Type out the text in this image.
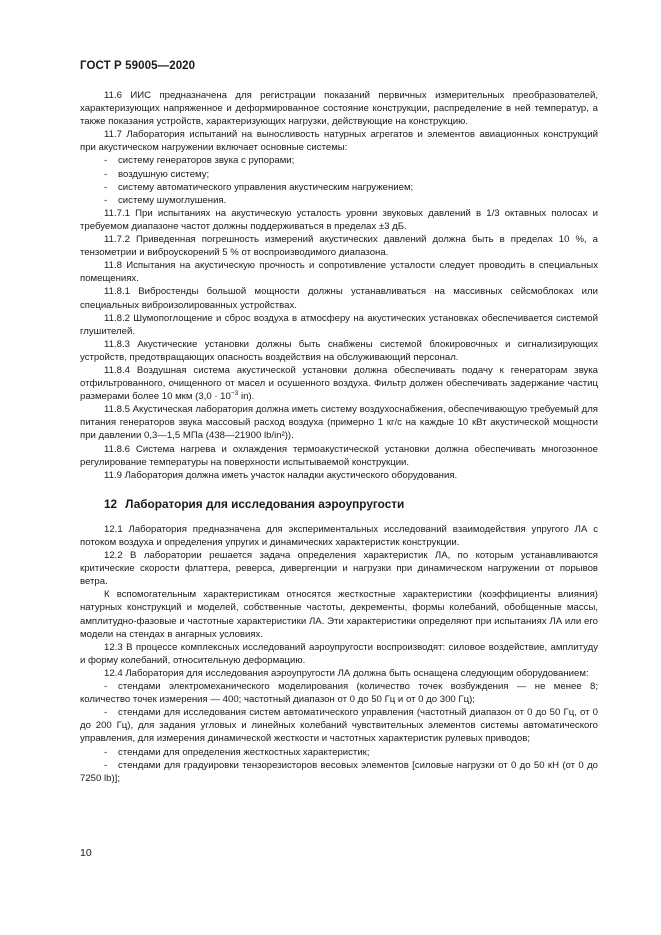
ГОСТ Р 59005—2020

11.6 ИИС предназначена для регистрации показаний первичных измерительных преобразователей, характеризующих напряженное и деформированное состояние конструкции, распределение в ней температур, а также показания устройств, характеризующих нагрузки, действующие на конструкцию.

11.7 Лаборатория испытаний на выносливость натурных агрегатов и элементов авиационных конструкций при акустическом нагружении включает основные системы:

- систему генераторов звука с рупорами;

- воздушную систему;

- систему автоматического управления акустическим нагружением;

- систему шумоглушения.

11.7.1 При испытаниях на акустическую усталость уровни звуковых давлений в 1/3 октавных полосах и требуемом диапазоне частот должны поддерживаться в пределах ±3 дБ.

11.7.2 Приведенная погрешность измерений акустических давлений должна быть в пределах 10 %, а тензометрии и виброускорений 5 % от воспроизводимого диапазона.

11.8 Испытания на акустическую прочность и сопротивление усталости следует проводить в специальных помещениях.

11.8.1 Вибростенды большой мощности должны устанавливаться на массивных сейсмоблоках или специальных виброизолированных устройствах.

11.8.2 Шумопоглощение и сброс воздуха в атмосферу на акустических установках обеспечивается системой глушителей.

11.8.3 Акустические установки должны быть снабжены системой блокировочных и сигнализирующих устройств, предотвращающих опасность воздействия на обслуживающий персонал.

11.8.4 Воздушная система акустической установки должна обеспечивать подачу к генераторам звука отфильтрованного, очищенного от масел и осушенного воздуха. Фильтр должен обеспечивать задержание частиц размерами более 10 мкм ($3,0 \cdot 10^{-3}$ in).

11.8.5 Акустическая лаборатория должна иметь систему воздухоснабжения, обеспечивающую требуемый для питания генераторов звука массовый расход воздуха (примерно 1 кг/с на каждые 10 кВт акустической мощности при давлении 0,3—1,5 МПа (438—21900 lb/in²)).

11.8.6 Система нагрева и охлаждения термоакустической установки должна обеспечивать многозонное регулирование температуры на поверхности испытываемой конструкции.

11.9 Лаборатория должна иметь участок наладки акустического оборудования.

12 Лаборатория для исследования аэроупругости

12.1 Лаборатория предназначена для экспериментальных исследований взаимодействия упругого ЛА с потоком воздуха и определения упругих и динамических характеристик конструкции.

12.2 В лаборатории решается задача определения характеристик ЛА, по которым устанавливаются критические скорости флаттера, реверса, дивергенции и нагрузки при динамическом нагружении от порывов ветра.

К вспомогательным характеристикам относятся жесткостные характеристики (коэффициенты влияния) натурных конструкций и моделей, собственные частоты, декременты, формы колебаний, обобщенные массы, амплитудно-фазовые и частотные характеристики ЛА. Эти характеристики определяют при испытаниях ЛА или его модели на стендах в ангарных условиях.

12.3 В процессе комплексных исследований аэроупругости воспроизводят: силовое воздействие, амплитуду и форму колебаний, относительную деформацию.

12.4 Лаборатория для исследования аэроупругости ЛА должна быть оснащена следующим оборудованием:

- стендами электромеханического моделирования (количество точек возбуждения — не менее 8; количество точек измерения — 400; частотный диапазон от 0 до 50 Гц и от 0 до 300 Гц);

- стендами для исследования систем автоматического управления (частотный диапазон от 0 до 50 Гц, от 0 до 200 Гц), для задания угловых и линейных колебаний чувствительных элементов системы автоматического управления, для измерения динамической жесткости и частотных характеристик рулевых приводов;

- стендами для определения жесткостных характеристик;

- стендами для градуировки тензорезисторов весовых элементов [силовые нагрузки от 0 до 50 кН (от 0 до 7250 lb)];

10
